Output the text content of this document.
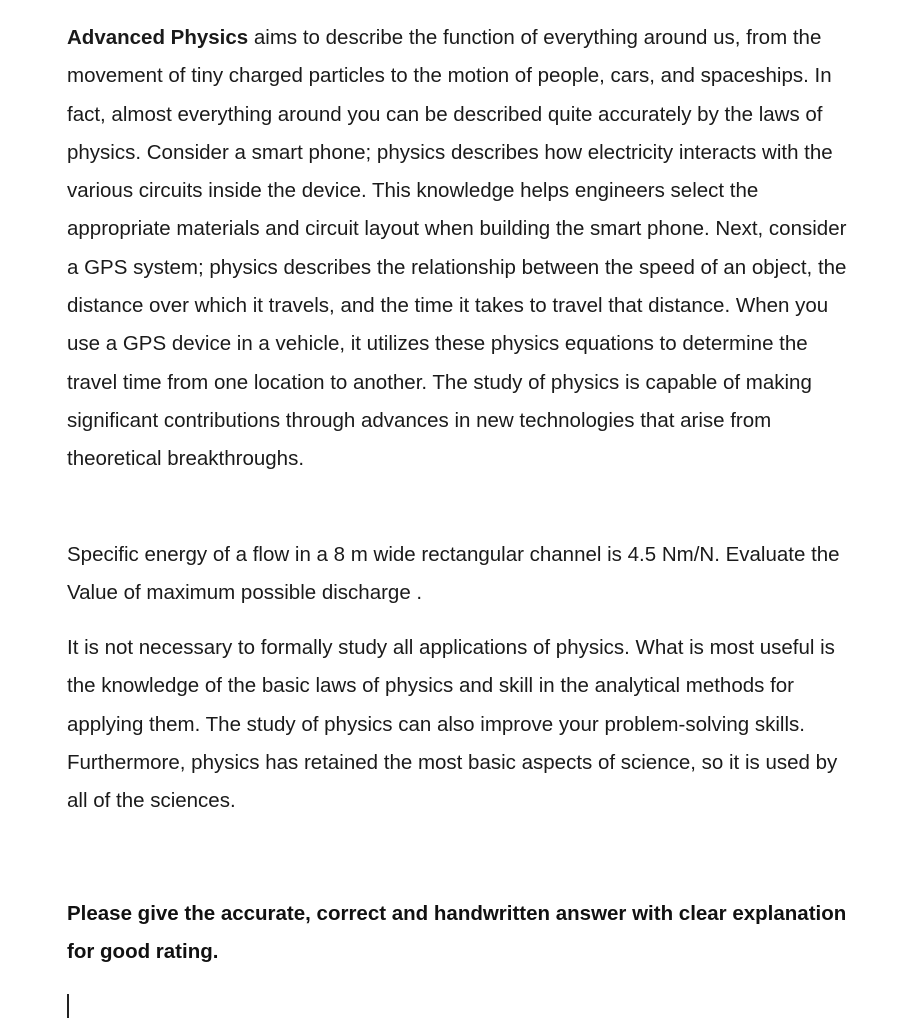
Advanced Physics aims to describe the function of everything around us, from the movement of tiny charged particles to the motion of people, cars, and spaceships. In fact, almost everything around you can be described quite accurately by the laws of physics. Consider a smart phone; physics describes how electricity interacts with the various circuits inside the device. This knowledge helps engineers select the appropriate materials and circuit layout when building the smart phone. Next, consider a GPS system; physics describes the relationship between the speed of an object, the distance over which it travels, and the time it takes to travel that distance. When you use a GPS device in a vehicle, it utilizes these physics equations to determine the travel time from one location to another. The study of physics is capable of making significant contributions through advances in new technologies that arise from theoretical breakthroughs.

Specific energy of a flow in a 8 m wide rectangular channel is 4.5 Nm/N. Evaluate the Value of maximum possible discharge .

It is not necessary to formally study all applications of physics. What is most useful is the knowledge of the basic laws of physics and skill in the analytical methods for applying them. The study of physics can also improve your problem-solving skills. Furthermore, physics has retained the most basic aspects of science, so it is used by all of the sciences.

Please give the accurate, correct and handwritten answer with clear explanation for good rating.
